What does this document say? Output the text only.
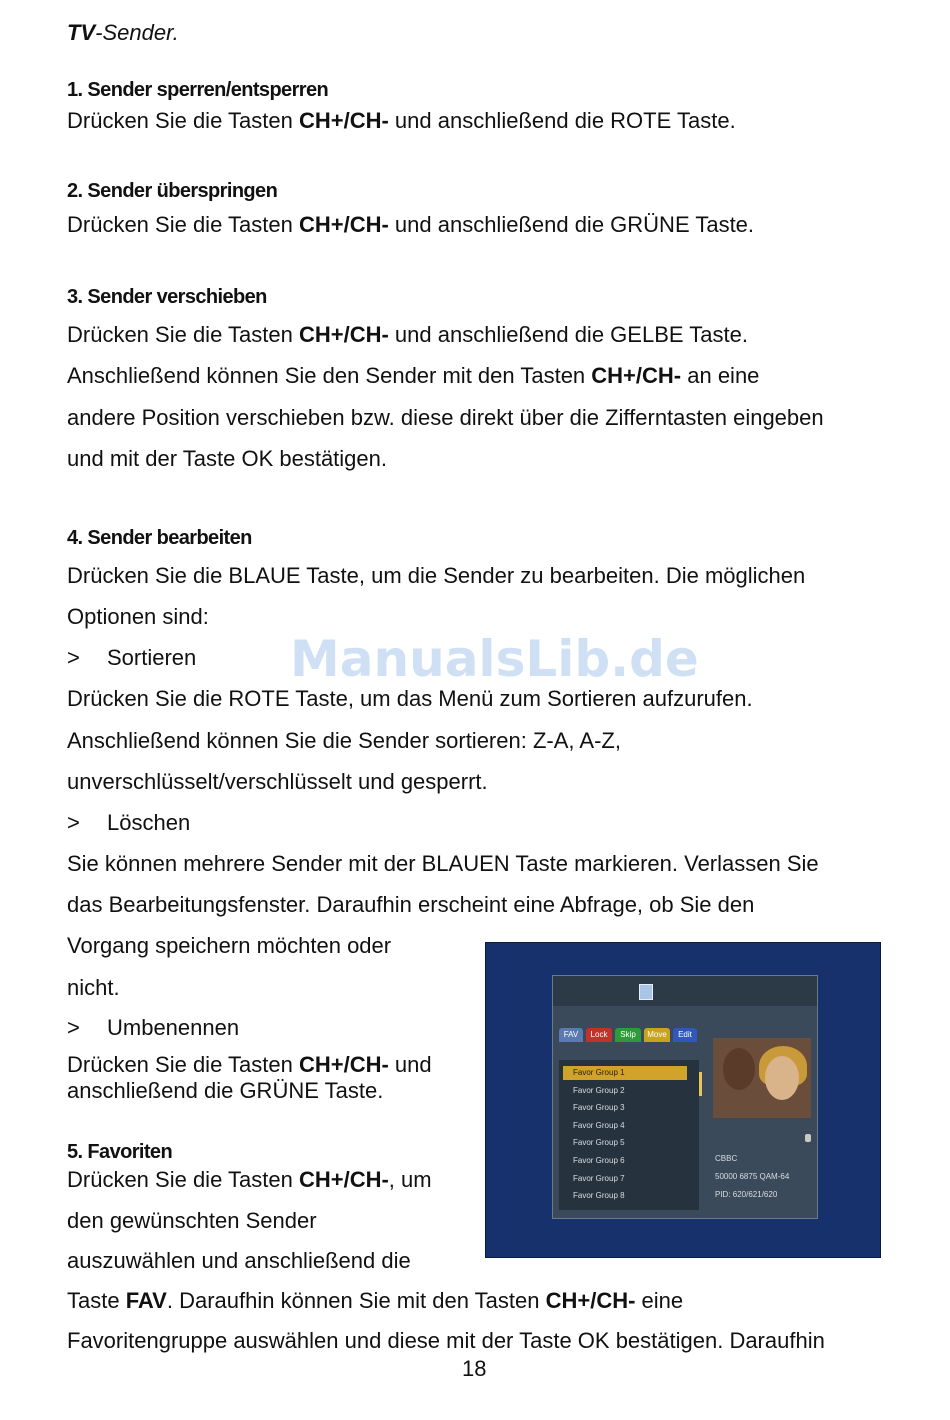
TV-Sender.
1. Sender sperren/entsperren
Drücken Sie die Tasten CH+/CH- und anschließend die ROTE Taste.
2. Sender überspringen
Drücken Sie die Tasten CH+/CH- und anschließend die GRÜNE Taste.
3. Sender verschieben
Drücken Sie die Tasten CH+/CH- und anschließend die GELBE Taste.
Anschließend können Sie den Sender mit den Tasten CH+/CH- an eine
andere Position verschieben bzw. diese direkt über die Zifferntasten eingeben
und mit der Taste OK bestätigen.
4. Sender bearbeiten
Drücken Sie die BLAUE Taste, um die Sender zu bearbeiten. Die möglichen
Optionen sind:
> Sortieren ManualsLib.de
Drücken Sie die ROTE Taste, um das Menü zum Sortieren aufzurufen.
Anschließend können Sie die Sender sortieren: Z-A, A-Z,
unverschlüsselt/verschlüsselt und gesperrt.
> Löschen
Sie können mehrere Sender mit der BLAUEN Taste markieren. Verlassen Sie
das Bearbeitungsfenster. Daraufhin erscheint eine Abfrage, ob Sie den
Vorgang speichern möchten oder
nicht.
> Umbenennen
Drücken Sie die Tasten CH+/CH- und
anschließend die GRÜNE Taste.
5. Favoriten
Drücken Sie die Tasten CH+/CH-, um
den gewünschten Sender
auszuwählen und anschließend die
Taste FAV. Daraufhin können Sie mit den Tasten CH+/CH- eine
Favoritengruppe auswählen und diese mit der Taste OK bestätigen. Daraufhin
18
FAV	Lock	Skip	Move	Edit
Favor Group 1
Favor Group 2
Favor Group 3
Favor Group 4
Favor Group 5
Favor Group 6
Favor Group 7
Favor Group 8
CBBC
50000 6875 QAM-64
PID: 620/621/620
